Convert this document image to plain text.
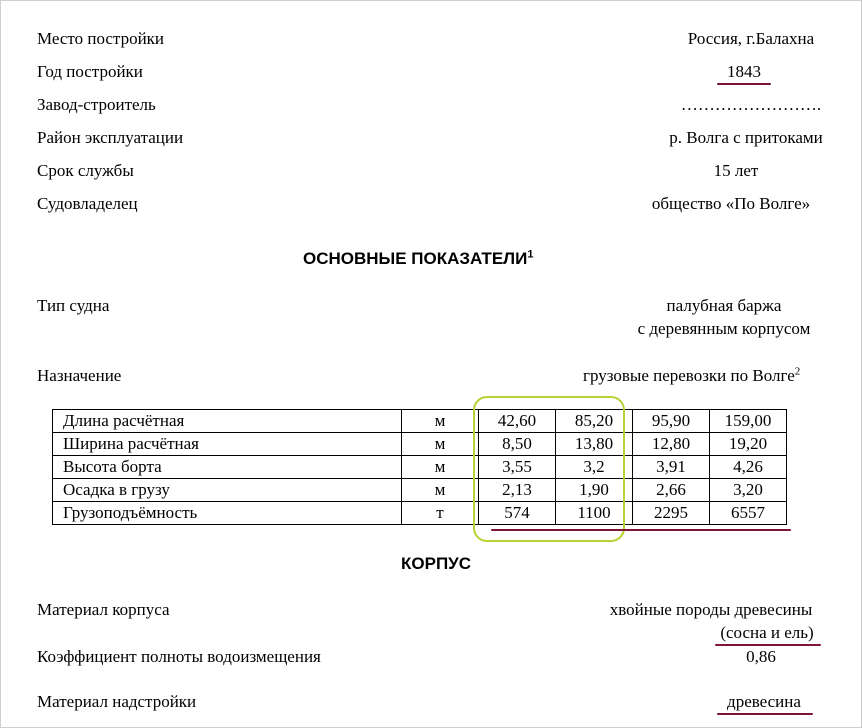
Место постройки	Россия, г.Балахна
Год постройки	1843
Завод-строитель	…………………….
Район эксплуатации	р. Волга с притоками
Срок службы	15 лет
Судовладелец	общество «По Волге»
ОСНОВНЫЕ ПОКАЗАТЕЛИ$^1$
Тип судна	палубная баржа
с деревянным корпусом
Назначение	грузовые перевозки по Волге$^2$
Длина расчётная	м	42,60	85,20	95,90	159,00
Ширина расчётная	м	8,50	13,80	12,80	19,20
Высота борта	м	3,55	3,2	3,91	4,26
Осадка в грузу	м	2,13	1,90	2,66	3,20
Грузоподъёмность	т	574	1100	2295	6557
КОРПУС
Материал корпуса	хвойные породы древесины
(сосна и ель)
Коэффициент полноты водоизмещения	0,86
Материал надстройки	древесина
